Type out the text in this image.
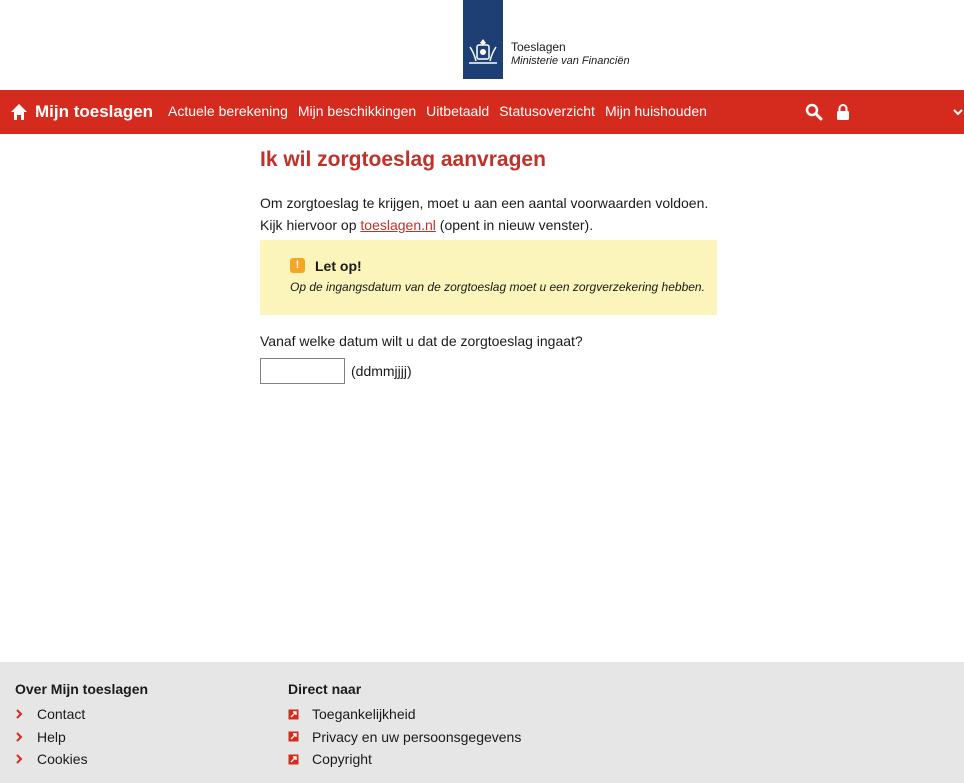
Toeslagen
Ministerie van Financiën
Mijn toeslagen Actuele berekening Mijn beschikkingen Uitbetaald Statusoverzicht Mijn huishouden
Ik wil zorgtoeslag aanvragen
Om zorgtoeslag te krijgen, moet u aan een aantal voorwaarden voldoen.
Kijk hiervoor op toeslagen.nl (opent in nieuw venster).
!	Let op!
Op de ingangsdatum van de zorgtoeslag moet u een zorgverzekering hebben.
Vanaf welke datum wilt u dat de zorgtoeslag ingaat?
(ddmmjjjj)
Over Mijn toeslagen
Contact
Help
Cookies
Direct naar
Toegankelijkheid
Privacy en uw persoonsgegevens
Copyright
